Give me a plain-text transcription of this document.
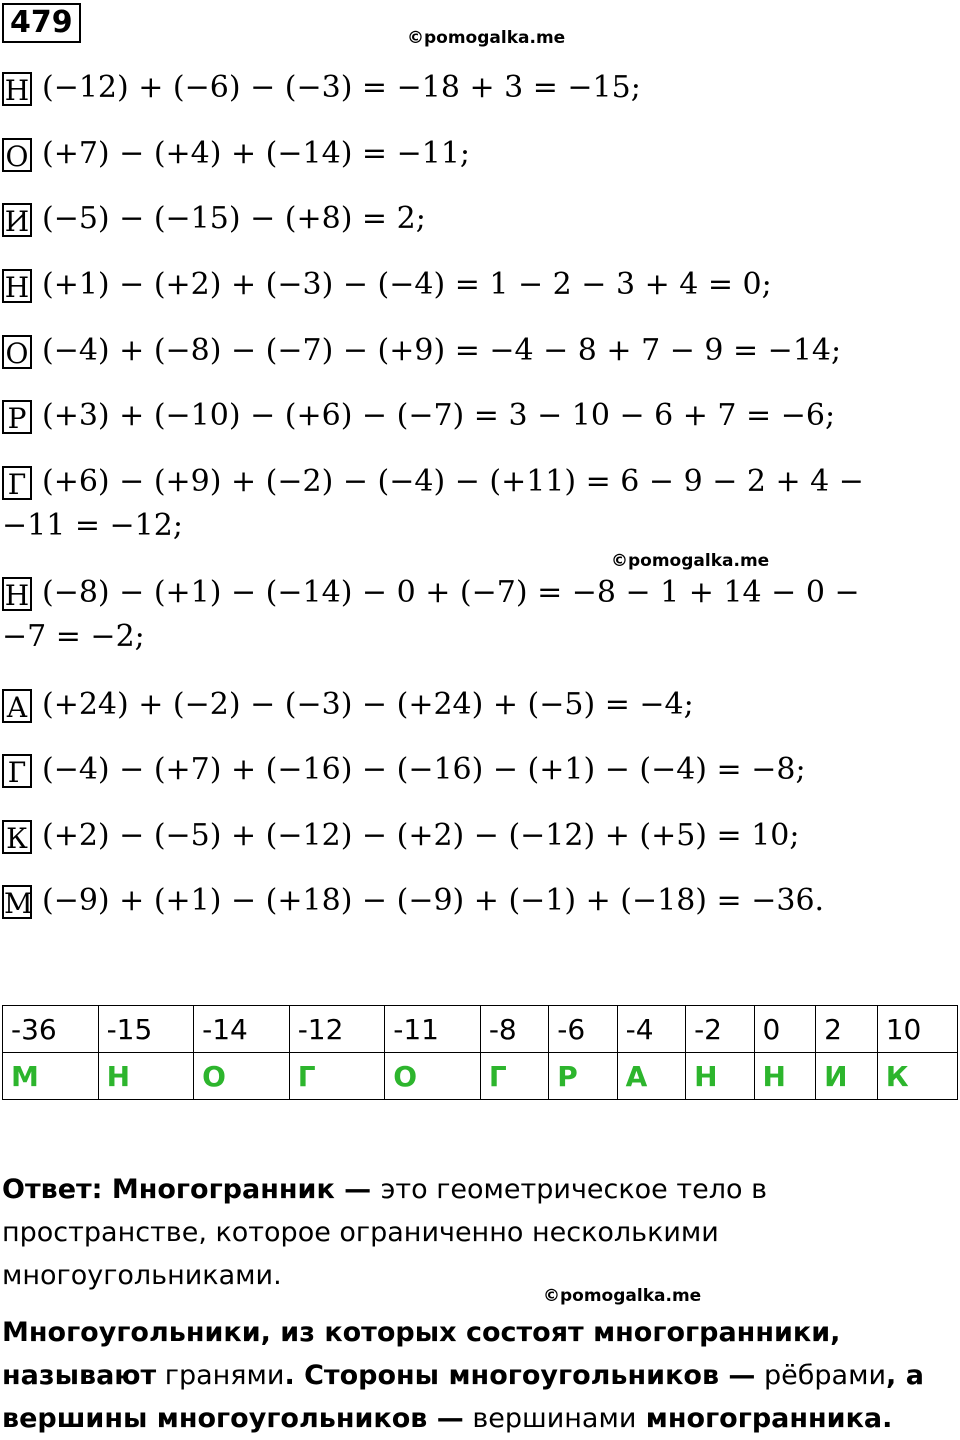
479	©pomogalka.me
Н (−12) + (−6) − (−3) = −18 + 3 = −15;
О (+7) − (+4) + (−14) = −11;
И (−5) − (−15) − (+8) = 2;
Н (+1) − (+2) + (−3) − (−4) = 1 − 2 − 3 + 4 = 0;
О (−4) + (−8) − (−7) − (+9) = −4 − 8 + 7 − 9 = −14;
Р (+3) + (−10) − (+6) − (−7) = 3 − 10 − 6 + 7 = −6;
Г (+6) − (+9) + (−2) − (−4) − (+11) = 6 − 9 − 2 + 4 −
−11 = −12;
©pomogalka.me
Н (−8) − (+1) − (−14) − 0 + (−7) = −8 − 1 + 14 − 0 −
−7 = −2;
А (+24) + (−2) − (−3) − (+24) + (−5) = −4;
Г (−4) − (+7) + (−16) − (−16) − (+1) − (−4) = −8;
К (+2) − (−5) + (−12) − (+2) − (−12) + (+5) = 10;
М (−9) + (+1) − (+18) − (−9) + (−1) + (−18) = −36.
-36	-15	-14	-12	-11	-8	-6	-4	-2	0	2	10
М	Н	О	Г	О	Г	Р	А	Н	Н	И	К
Ответ: Многогранник — это геометрическое тело в пространстве, которое ограниченно несколькими многоугольниками.
©pomogalka.me
Многоугольники, из которых состоят многогранники, называют гранями. Стороны многоугольников — рёбрами, а вершины многоугольников — вершинами многогранника.
